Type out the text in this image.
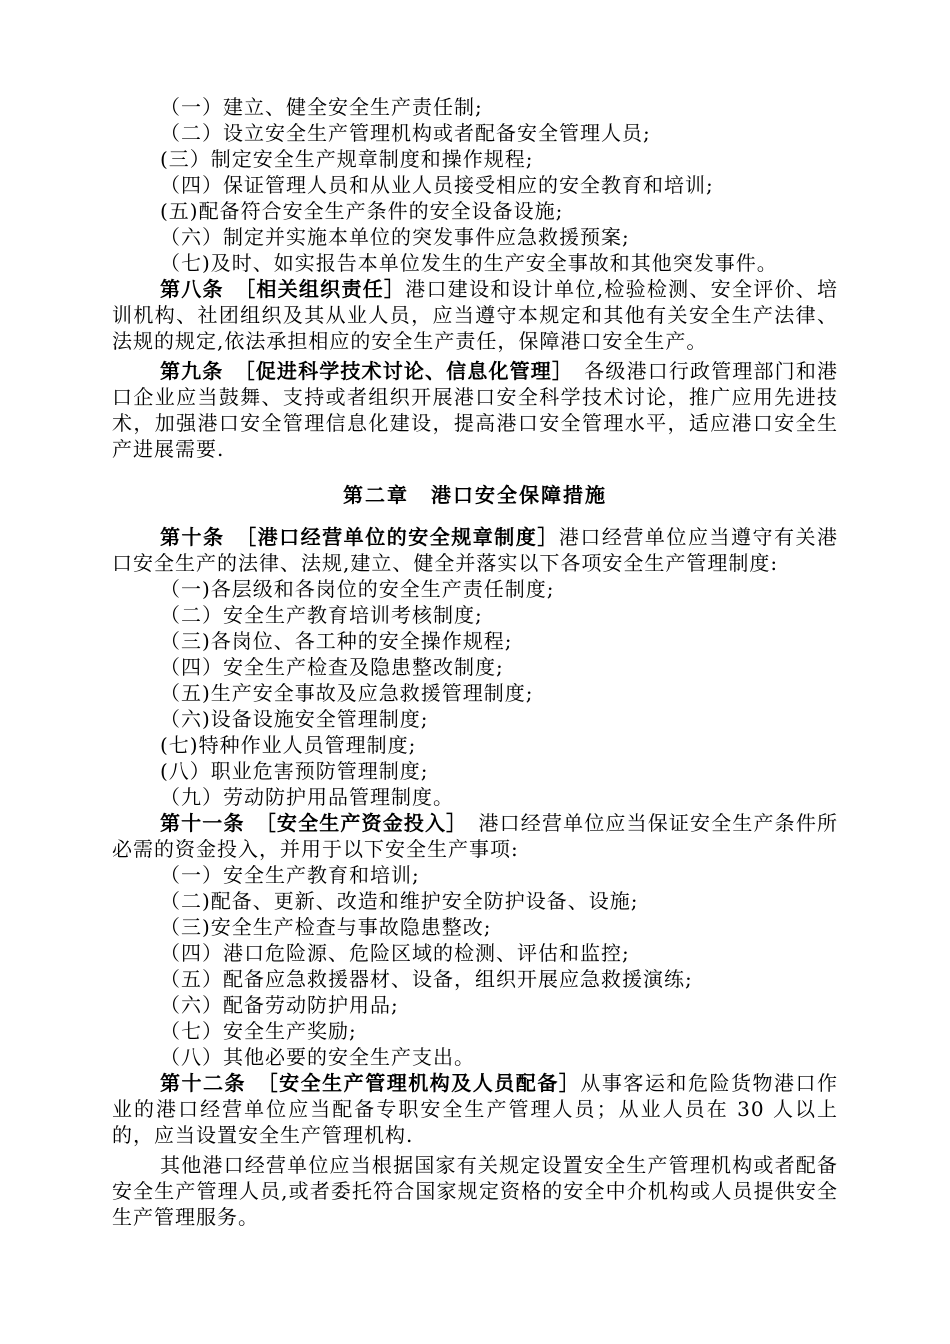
（一）建立、健全安全生产责任制;

（二）设立安全生产管理机构或者配备安全管理人员;

(三）制定安全生产规章制度和操作规程;

（四）保证管理人员和从业人员接受相应的安全教育和培训;

(五)配备符合安全生产条件的安全设备设施;

（六）制定并实施本单位的突发事件应急救援预案;

（七)及时、如实报告本单位发生的生产安全事故和其他突发事件。

第八条　 ［相关组织责任］港口建设和设计单位,检验检测、安全评价、培训机构、社团组织及其从业人员，应当遵守本规定和其他有关安全生产法律、法规的规定,依法承担相应的安全生产责任，保障港口安全生产。

第九条　 ［促进科学技术讨论、信息化管理］　 各级港口行政管理部门和港口企业应当鼓舞、支持或者组织开展港口安全科学技术讨论，推广应用先进技术，加强港口安全管理信息化建设，提高港口安全管理水平，适应港口安全生产进展需要.

第二章　港口安全保障措施

第十条　 ［港口经营单位的安全规章制度］港口经营单位应当遵守有关港口安全生产的法律、法规,建立、健全并落实以下各项安全生产管理制度:

（一)各层级和各岗位的安全生产责任制度;

（二）安全生产教育培训考核制度;

（三)各岗位、各工种的安全操作规程;

（四）安全生产检查及隐患整改制度;

（五)生产安全事故及应急救援管理制度;

（六)设备设施安全管理制度;

(七)特种作业人员管理制度;

(八）职业危害预防管理制度;

（九）劳动防护用品管理制度。

第十一条　 ［安全生产资金投入］　 港口经营单位应当保证安全生产条件所必需的资金投入，并用于以下安全生产事项:

（一）安全生产教育和培训;

（二)配备、更新、改造和维护安全防护设备、设施;

（三)安全生产检查与事故隐患整改;

（四）港口危险源、危险区域的检测、评估和监控;

（五）配备应急救援器材、设备，组织开展应急救援演练;

（六）配备劳动防护用品;

（七）安全生产奖励;

（八）其他必要的安全生产支出。

第十二条　 ［安全生产管理机构及人员配备］从事客运和危险货物港口作业的港口经营单位应当配备专职安全生产管理人员；从业人员在 30 人以上的，应当设置安全生产管理机构.

其他港口经营单位应当根据国家有关规定设置安全生产管理机构或者配备安全生产管理人员,或者委托符合国家规定资格的安全中介机构或人员提供安全生产管理服务。
